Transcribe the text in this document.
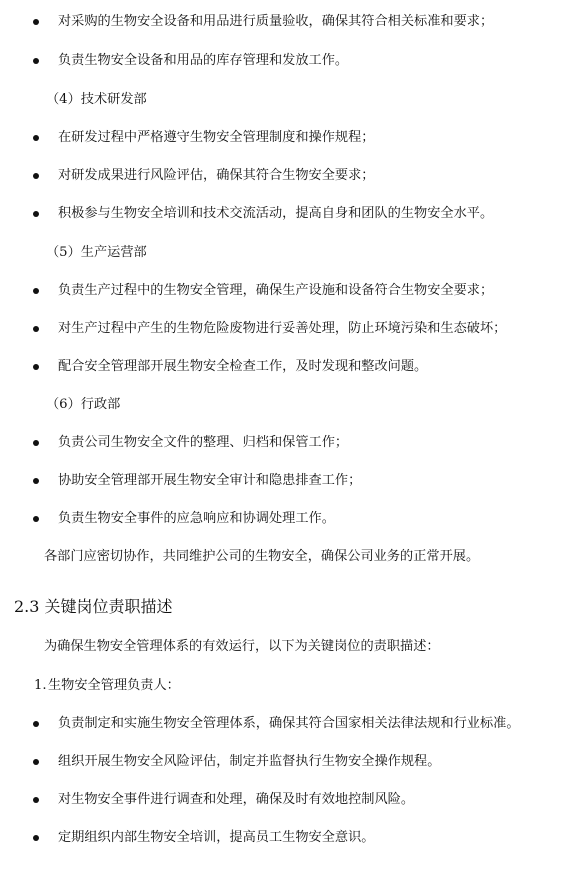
对采购的生物安全设备和用品进行质量验收，确保其符合相关标准和要求；
负责生物安全设备和用品的库存管理和发放工作。
（4）技术研发部
在研发过程中严格遵守生物安全管理制度和操作规程；
对研发成果进行风险评估，确保其符合生物安全要求；
积极参与生物安全培训和技术交流活动，提高自身和团队的生物安全水平。
（5）生产运营部
负责生产过程中的生物安全管理，确保生产设施和设备符合生物安全要求；
对生产过程中产生的生物危险废物进行妥善处理，防止环境污染和生态破坏；
配合安全管理部开展生物安全检查工作，及时发现和整改问题。
（6）行政部
负责公司生物安全文件的整理、归档和保管工作；
协助安全管理部开展生物安全审计和隐患排查工作；
负责生物安全事件的应急响应和协调处理工作。
各部门应密切协作，共同维护公司的生物安全，确保公司业务的正常开展。
2.3 关键岗位责职描述
为确保生物安全管理体系的有效运行，以下为关键岗位的责职描述：
1. 生物安全管理负责人：
负责制定和实施生物安全管理体系，确保其符合国家相关法律法规和行业标准。
组织开展生物安全风险评估，制定并监督执行生物安全操作规程。
对生物安全事件进行调查和处理，确保及时有效地控制风险。
定期组织内部生物安全培训，提高员工生物安全意识。
